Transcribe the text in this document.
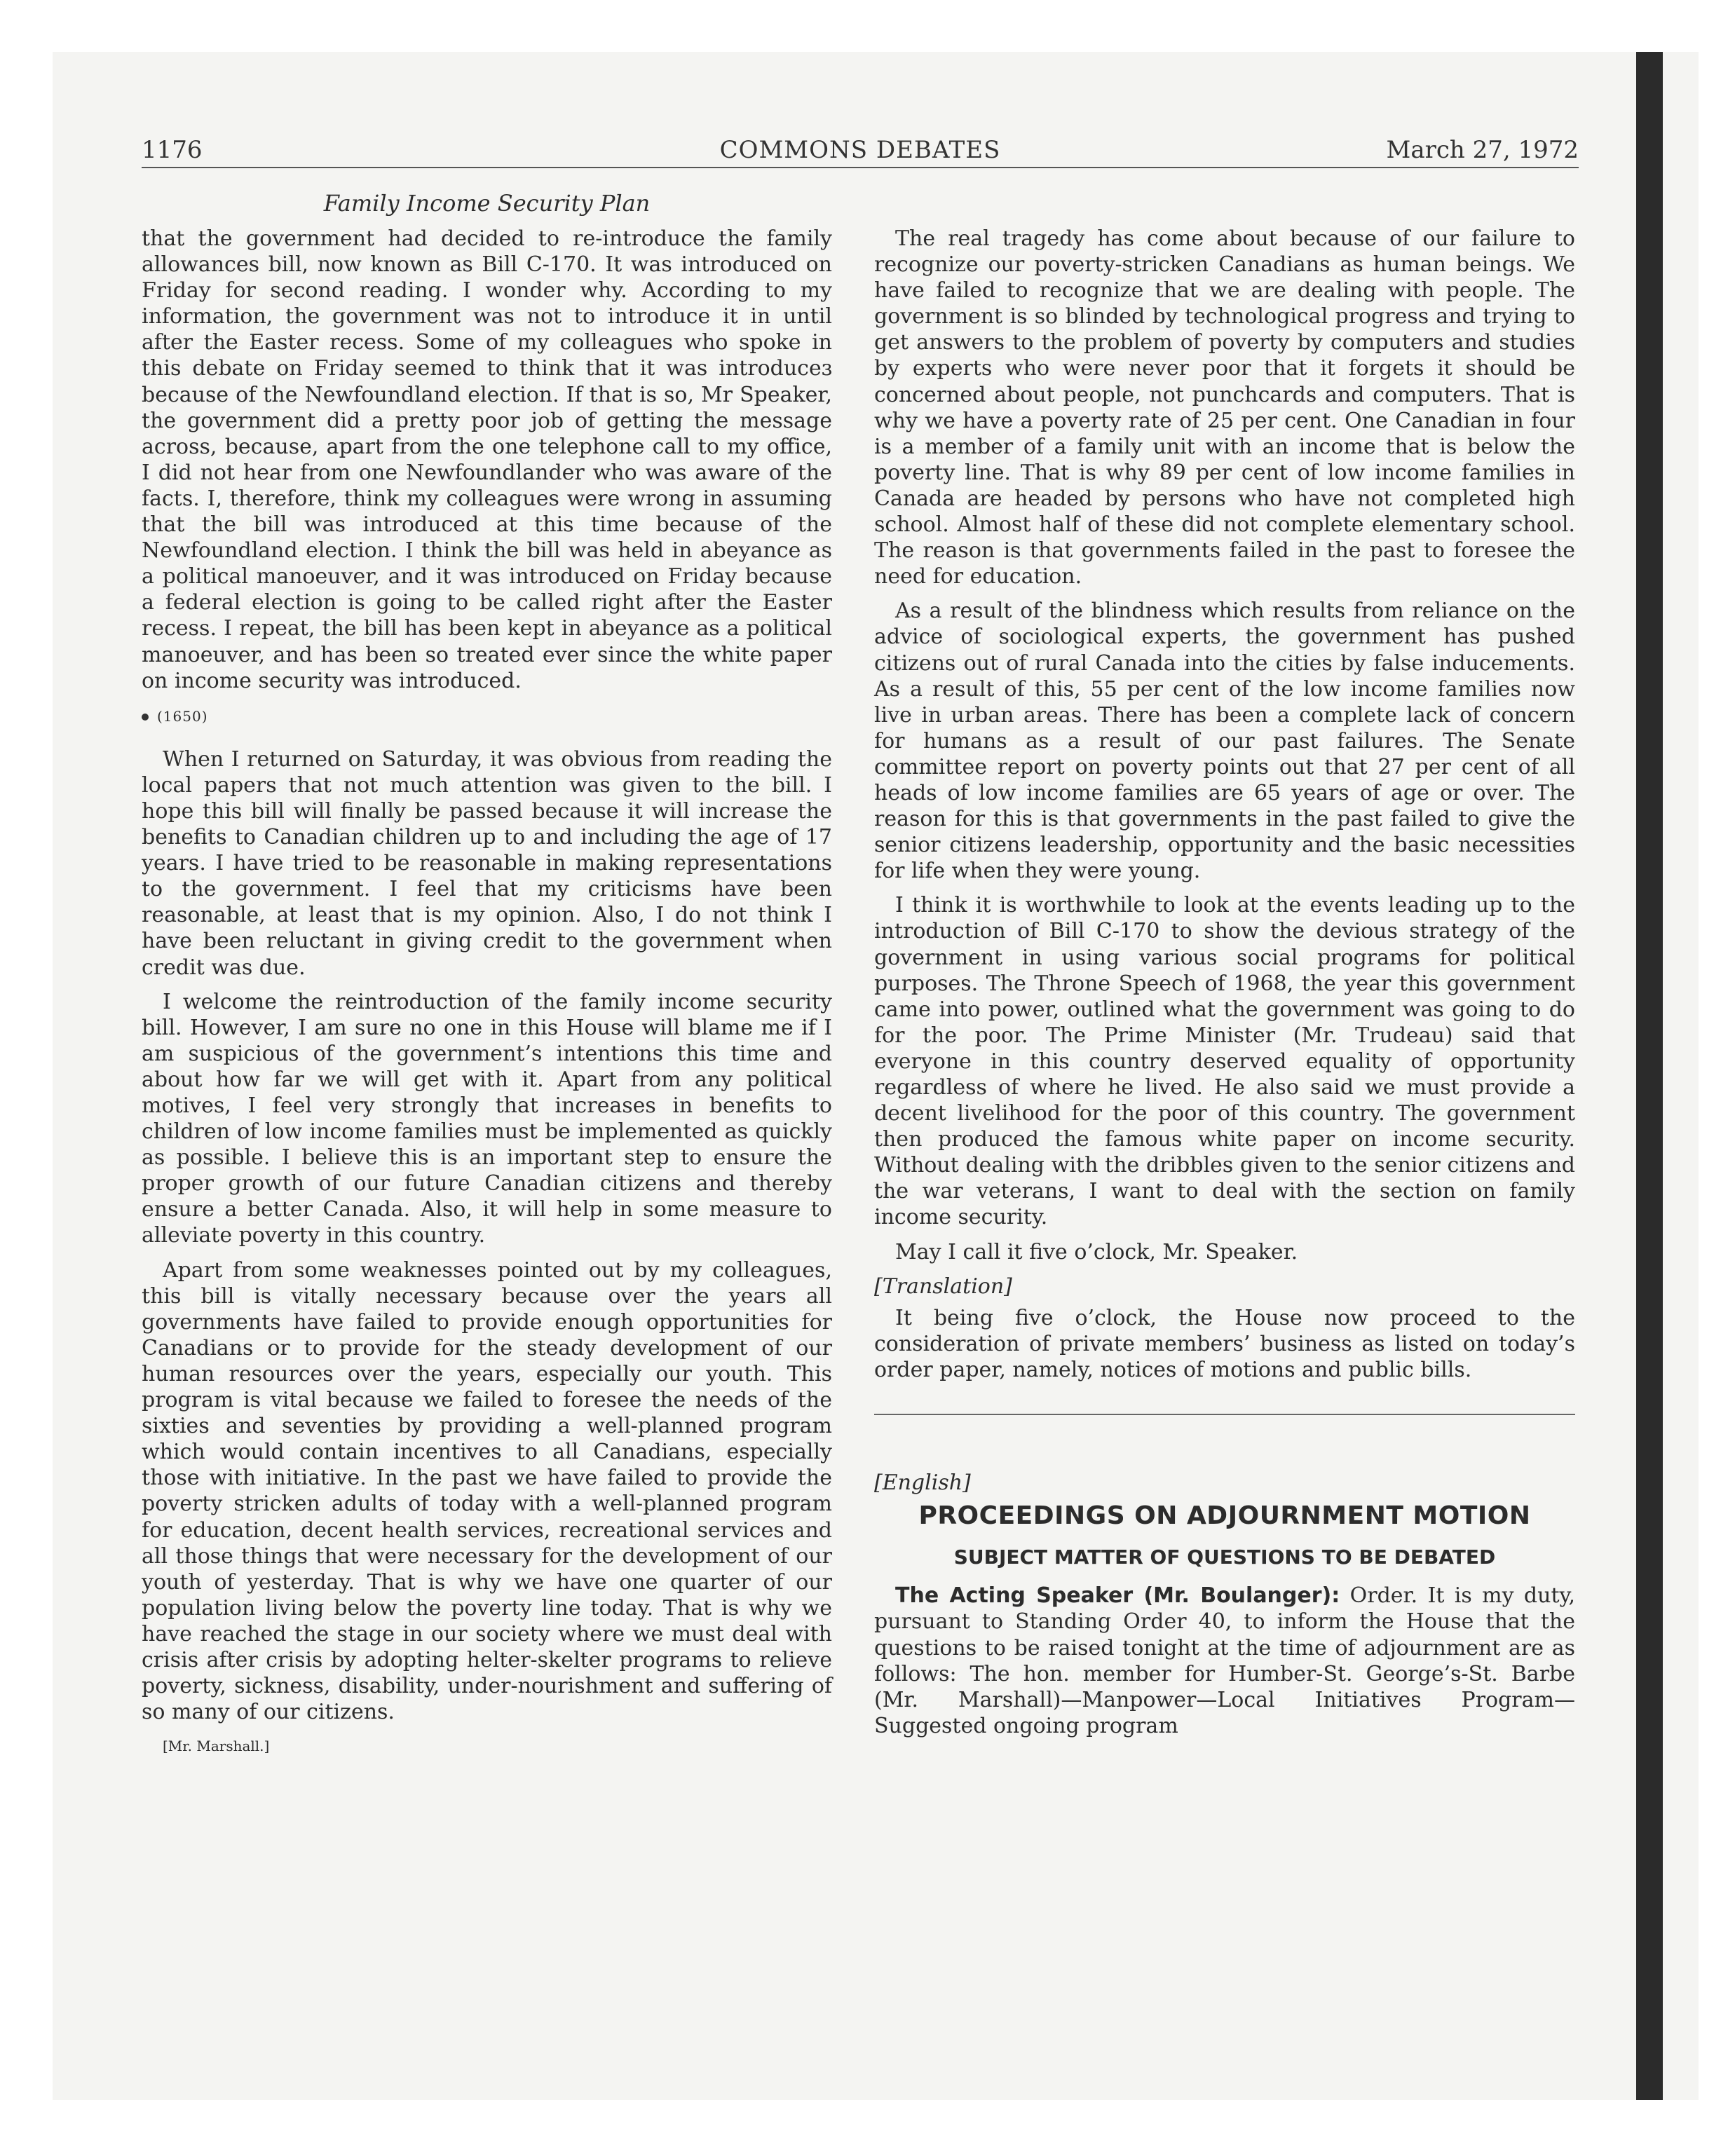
1176	COMMONS DEBATES	March 27, 1972
Family Income Security Plan

that the government had decided to re-introduce the family allowances bill, now known as Bill C-170. It was introduced on Friday for second reading. I wonder why. According to my information, the government was not to introduce it in until after the Easter recess. Some of my colleagues who spoke in this debate on Friday seemed to think that it was introduceɜ because of the Newfoundland election. If that is so, Mr Speaker, the government did a pretty poor job of getting the message across, because, apart from the one telephone call to my office, I did not hear from one Newfoundlander who was aware of the facts. I, therefore, think my colleagues were wrong in assuming that the bill was introduced at this time because of the Newfoundland election. I think the bill was held in abeyance as a political manoeuver, and it was introduced on Friday because a federal election is going to be called right after the Easter recess. I repeat, the bill has been kept in abeyance as a political manoeuver, and has been so treated ever since the white paper on income security was introduced.

(1650)

When I returned on Saturday, it was obvious from reading the local papers that not much attention was given to the bill. I hope this bill will finally be passed because it will increase the benefits to Canadian children up to and including the age of 17 years. I have tried to be reasonable in making representations to the government. I feel that my criticisms have been reasonable, at least that is my opinion. Also, I do not think I have been reluctant in giving credit to the government when credit was due.

I welcome the reintroduction of the family income security bill. However, I am sure no one in this House will blame me if I am suspicious of the government’s intentions this time and about how far we will get with it. Apart from any political motives, I feel very strongly that increases in benefits to children of low income families must be implemented as quickly as possible. I believe this is an important step to ensure the proper growth of our future Canadian citizens and thereby ensure a better Canada. Also, it will help in some measure to alleviate poverty in this country.

Apart from some weaknesses pointed out by my colleagues, this bill is vitally necessary because over the years all governments have failed to provide enough opportunities for Canadians or to provide for the steady development of our human resources over the years, especially our youth. This program is vital because we failed to foresee the needs of the sixties and seventies by providing a well-planned program which would contain incentives to all Canadians, especially those with initiative. In the past we have failed to provide the poverty stricken adults of today with a well-planned program for education, decent health services, recreational services and all those things that were necessary for the development of our youth of yesterday. That is why we have one quarter of our population living below the poverty line today. That is why we have reached the stage in our society where we must deal with crisis after crisis by adopting helter-skelter programs to relieve poverty, sickness, disability, under-nourishment and suffering of so many of our citizens.

[Mr. Marshall.]

The real tragedy has come about because of our failure to recognize our poverty-stricken Canadians as human beings. We have failed to recognize that we are dealing with people. The government is so blinded by technological progress and trying to get answers to the problem of poverty by computers and studies by experts who were never poor that it forgets it should be concerned about people, not punchcards and computers. That is why we have a poverty rate of 25 per cent. One Canadian in four is a member of a family unit with an income that is below the poverty line. That is why 89 per cent of low income families in Canada are headed by persons who have not completed high school. Almost half of these did not complete elementary school. The reason is that governments failed in the past to foresee the need for education.

As a result of the blindness which results from reliance on the advice of sociological experts, the government has pushed citizens out of rural Canada into the cities by false inducements. As a result of this, 55 per cent of the low income families now live in urban areas. There has been a complete lack of concern for humans as a result of our past failures. The Senate committee report on poverty points out that 27 per cent of all heads of low income families are 65 years of age or over. The reason for this is that governments in the past failed to give the senior citizens leadership, opportunity and the basic necessities for life when they were young.

I think it is worthwhile to look at the events leading up to the introduction of Bill C-170 to show the devious strategy of the government in using various social programs for political purposes. The Throne Speech of 1968, the year this government came into power, outlined what the government was going to do for the poor. The Prime Minister (Mr. Trudeau) said that everyone in this country deserved equality of opportunity regardless of where he lived. He also said we must provide a decent livelihood for the poor of this country. The government then produced the famous white paper on income security. Without dealing with the dribbles given to the senior citizens and the war veterans, I want to deal with the section on family income security.

May I call it five o’clock, Mr. Speaker.

[Translation]

It being five o’clock, the House now proceed to the consideration of private members’ business as listed on today’s order paper, namely, notices of motions and public bills.

[English]
PROCEEDINGS ON ADJOURNMENT MOTION
SUBJECT MATTER OF QUESTIONS TO BE DEBATED

The Acting Speaker (Mr. Boulanger): Order. It is my duty, pursuant to Standing Order 40, to inform the House that the questions to be raised tonight at the time of adjournment are as follows: The hon. member for Humber-St. George’s-St. Barbe (Mr. Marshall)—Manpower—Local Initiatives Program—Suggested ongoing program
